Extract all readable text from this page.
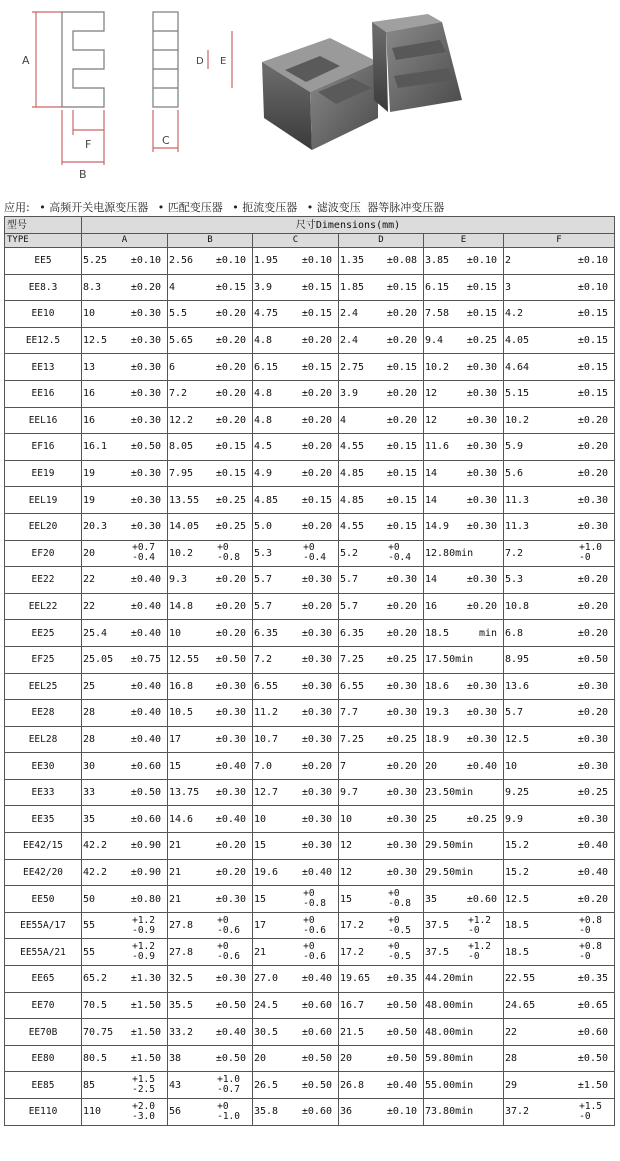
A
B
F	C
D E
应用: • 高频开关电源变压器 • 匹配变压器 • 扼流变压器 • 滤波变压 器等脉冲变压器
型号	尺寸Dimensions(mm)					
TYPE	A	B	C	D	E	F
EE5	5.25 ±0.10	2.56 ±0.10	1.95 ±0.10	1.35 ±0.08	3.85 ±0.10	2 ±0.10

EE8.3	8.3 ±0.20	4 ±0.15	3.9 ±0.15	1.85 ±0.15	6.15 ±0.15	3 ±0.10

EE10	10 ±0.30	5.5 ±0.20	4.75 ±0.15	2.4 ±0.20	7.58 ±0.15	4.2 ±0.15

EE12.5	12.5 ±0.30	5.65 ±0.20	4.8 ±0.20	2.4 ±0.20	9.4 ±0.25	4.05 ±0.15

EE13	13 ±0.30	6 ±0.20	6.15 ±0.15	2.75 ±0.15	10.2 ±0.30	4.64 ±0.15

EE16	16 ±0.30	7.2 ±0.20	4.8 ±0.20	3.9 ±0.20	12 ±0.30	5.15 ±0.15

EEL16	16 ±0.30	12.2 ±0.20	4.8 ±0.20	4 ±0.20	12 ±0.30	10.2 ±0.20

EF16	16.1 ±0.50	8.05 ±0.15	4.5 ±0.20	4.55 ±0.15	11.6 ±0.30	5.9 ±0.20

EE19	19 ±0.30	7.95 ±0.15	4.9 ±0.20	4.85 ±0.15	14 ±0.30	5.6 ±0.20

EEL19	19 ±0.30	13.55 ±0.25	4.85 ±0.15	4.85 ±0.15	14 ±0.30	11.3 ±0.30

EEL20	20.3 ±0.30	14.05 ±0.25	5.0 ±0.20	4.55 ±0.15	14.9 ±0.30	11.3 ±0.30

EF20	20 +0.7
-0.4	10.2 +0
-0.8	5.3 +0
-0.4	5.2 +0
-0.4	12.80min	7.2 +1.0
-0

EE22	22 ±0.40	9.3 ±0.20	5.7 ±0.30	5.7 ±0.30	14 ±0.30	5.3 ±0.20

EEL22	22 ±0.40	14.8 ±0.20	5.7 ±0.20	5.7 ±0.20	16 ±0.20	10.8 ±0.20

EE25	25.4 ±0.40	10 ±0.20	6.35 ±0.30	6.35 ±0.20	18.5 min	6.8 ±0.20

EF25	25.05 ±0.75	12.55 ±0.50	7.2 ±0.30	7.25 ±0.25	17.50min	8.95 ±0.50

EEL25	25 ±0.40	16.8 ±0.30	6.55 ±0.30	6.55 ±0.30	18.6 ±0.30	13.6 ±0.30

EE28	28 ±0.40	10.5 ±0.30	11.2 ±0.30	7.7 ±0.30	19.3 ±0.30	5.7 ±0.20

EEL28	28 ±0.40	17 ±0.30	10.7 ±0.30	7.25 ±0.25	18.9 ±0.30	12.5 ±0.30

EE30	30 ±0.60	15 ±0.40	7.0 ±0.20	7 ±0.20	20 ±0.40	10 ±0.30

EE33	33 ±0.50	13.75 ±0.30	12.7 ±0.30	9.7 ±0.30	23.50min	9.25 ±0.25

EE35	35 ±0.60	14.6 ±0.40	10 ±0.30	10 ±0.30	25 ±0.25	9.9 ±0.30

EE42/15	42.2 ±0.90	21 ±0.20	15 ±0.30	12 ±0.30	29.50min	15.2 ±0.40

EE42/20	42.2 ±0.90	21 ±0.20	19.6 ±0.40	12 ±0.30	29.50min	15.2 ±0.40

EE50	50 ±0.80	21 ±0.30	15 +0
-0.8	15 +0
-0.8	35 ±0.60	12.5 ±0.20

EE55A/17	55 +1.2
-0.9	27.8 +0
-0.6	17 +0
-0.6	17.2 +0
-0.5	37.5 +1.2
-0	18.5 +0.8
-0

EE55A/21	55 +1.2
-0.9	27.8 +0
-0.6	21 +0
-0.6	17.2 +0
-0.5	37.5 +1.2
-0	18.5 +0.8
-0

EE65	65.2 ±1.30	32.5 ±0.30	27.0 ±0.40	19.65 ±0.35	44.20min	22.55 ±0.35

EE70	70.5 ±1.50	35.5 ±0.50	24.5 ±0.60	16.7 ±0.50	48.00min	24.65 ±0.65

EE70B	70.75 ±1.50	33.2 ±0.40	30.5 ±0.60	21.5 ±0.50	48.00min	22 ±0.60

EE80	80.5 ±1.50	38 ±0.50	20 ±0.50	20 ±0.50	59.80min	28 ±0.50

EE85	85 +1.5
-2.5	43 +1.0
-0.7	26.5 ±0.50	26.8 ±0.40	55.00min	29 ±1.50

EE110	110 +2.0
-3.0	56 +0
-1.0	35.8 ±0.60	36 ±0.10	73.80min	37.2 +1.5
-0
